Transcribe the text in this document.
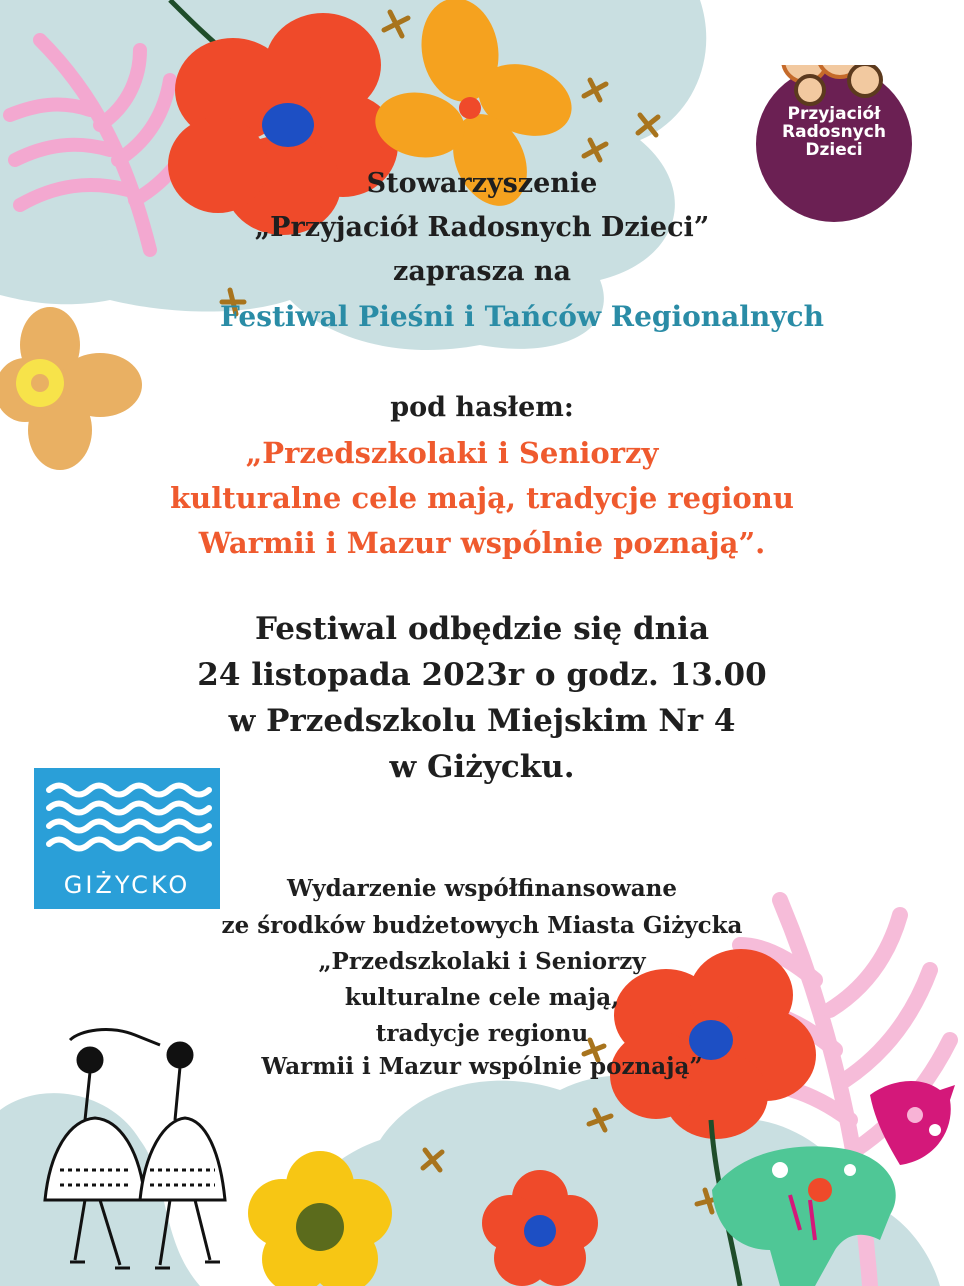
Przyjaciół
Radosnych
Dzieci

Stowarzyszenie

„Przyjaciół Radosnych Dzieci”

zaprasza na

Festiwal Pieśni i Tańców Regionalnych

pod hasłem:

„Przedszkolaki i Seniorzy

kulturalne cele mają, tradycje regionu

Warmii i Mazur wspólnie poznają”.

Festiwal odbędzie się dnia

24 listopada 2023r o godz. 13.00

w Przedszkolu Miejskim Nr 4

w Giżycku.

GIŻYCKO	Wydarzenie współfinansowane

ze środków budżetowych Miasta Giżycka

„Przedszkolaki i Seniorzy

kulturalne cele mają,

tradycje regionu

Warmii i Mazur wspólnie poznają”
